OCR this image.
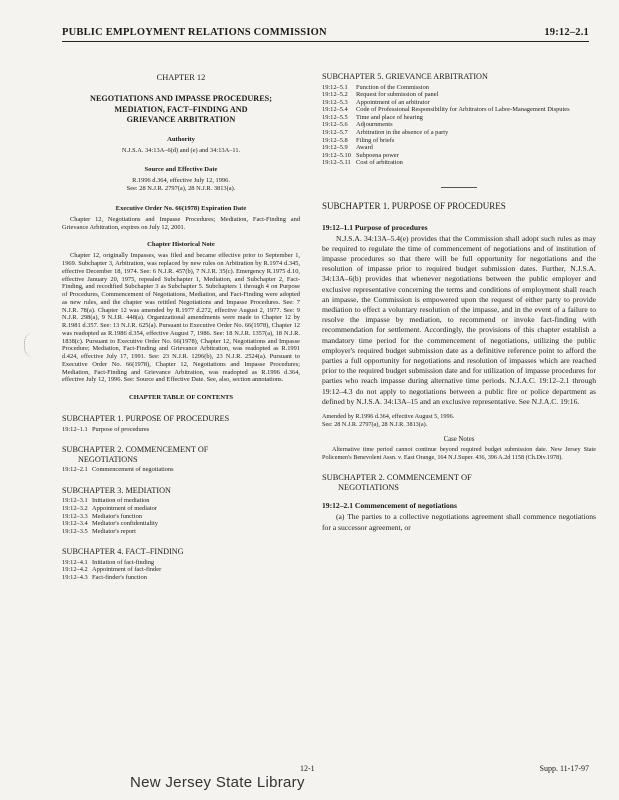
PUBLIC EMPLOYMENT RELATIONS COMMISSION	19:12–2.1
CHAPTER 12
NEGOTIATIONS AND IMPASSE PROCEDURES;
MEDIATION, FACT–FINDING AND
GRIEVANCE ARBITRATION
Authority
N.J.S.A. 34:13A–6(d) and (e) and 34:13A–11.
Source and Effective Date
R.1996 d.364, effective July 12, 1996.
See: 28 N.J.R. 2797(a), 28 N.J.R. 3813(a).
Executive Order No. 66(1978) Expiration Date
Chapter 12, Negotiations and Impasse Procedures; Mediation, Fact-Finding and Grievance Arbitration, expires on July 12, 2001.
Chapter Historical Note
Chapter 12, originally Impasses, was filed and became effective prior to September 1, 1969. Subchapter 3, Arbitration, was replaced by new rules on Arbitration by R.1974 d.345, effective December 18, 1974. See: 6 N.J.R. 457(b), 7 N.J.R. 35(c). Emergency R.1975 d.10, effective January 20, 1975, repealed Subchapter 1, Mediation, and Subchapter 2, Fact-Finding, and recodified Subchapter 3 as Subchapter 5. Subchapters 1 through 4 on Purpose of Procedures, Commencement of Negotiations, Mediation, and Fact-Finding were adopted as new rules, and the chapter was retitled Negotiations and Impasse Procedures. See: 7 N.J.R. 78(a). Chapter 12 was amended by R.1977 d.272, effective August 2, 1977. See: 9 N.J.R. 298(a), 9 N.J.R. 448(a). Organizational amendments were made to Chapter 12 by R.1981 d.357. See: 13 N.J.R. 625(a). Pursuant to Executive Order No. 66(1978), Chapter 12 was readopted as R.1986 d.354, effective August 7, 1986. See: 18 N.J.R. 1357(a), 18 N.J.R. 1838(c). Pursuant to Executive Order No. 66(1978), Chapter 12, Negotiations and Impasse Procedure; Mediation, Fact-Finding and Grievance Arbitration, was readopted as R.1991 d.424, effective July 17, 1991. See: 23 N.J.R. 1296(b), 23 N.J.R. 2524(a). Pursuant to Executive Order No. 66(1978), Chapter 12, Negotiations and Impasse Procedures; Mediation, Fact-Finding and Grievance Arbitration, was readopted as R.1996 d.364, effective July 12, 1996. See: Source and Effective Date. See, also, section annotations.
CHAPTER TABLE OF CONTENTS
SUBCHAPTER 1. PURPOSE OF PROCEDURES
19:12–1.1 Purpose of procedures
SUBCHAPTER 2. COMMENCEMENT OF
NEGOTIATIONS
19:12–2.1 Commencement of negotiations
SUBCHAPTER 3. MEDIATION
19:12–3.1 Initiation of mediation
19:12–3.2 Appointment of mediator
19:12–3.3 Mediator's function
19:12–3.4 Mediator's confidentiality
19:12–3.5 Mediator's report
SUBCHAPTER 4. FACT–FINDING
19:12–4.1 Initiation of fact-finding
19:12–4.2 Appointment of fact-finder
19:12–4.3 Fact-finder's function
SUBCHAPTER 5. GRIEVANCE ARBITRATION
19:12–5.1	Function of the Commission
19:12–5.2	Request for submission of panel
19:12–5.3	Appointment of an arbitrator
19:12–5.4	Code of Professional Responsibility for Arbitrators of Labor-Management Disputes
19:12–5.5	Time and place of hearing
19:12–5.6	Adjournments
19:12–5.7	Arbitration in the absence of a party
19:12–5.8	Filing of briefs
19:12–5.9	Award
19:12–5.10 Subpoena power
19:12–5.11 Cost of arbitration
SUBCHAPTER 1. PURPOSE OF PROCEDURES
19:12–1.1 Purpose of procedures
N.J.S.A. 34:13A–5.4(e) provides that the Commission shall adopt such rules as may be required to regulate the time of commencement of negotiations and of institution of impasse procedures so that there will be full opportunity for negotiations and the resolution of impasse prior to required budget submission dates. Further, N.J.S.A. 34:13A–6(b) provides that whenever negotiations between the public employer and exclusive representative concerning the terms and conditions of employment shall reach an impasse, the Commission is empowered upon the request of either party to provide mediation to effect a voluntary resolution of the impasse, and in the event of a failure to resolve the impasse by mediation, to recommend or invoke fact-finding with recommendation for settlement. Accordingly, the provisions of this chapter establish a mandatory time period for the commencement of negotiations, utilizing the public employer's required budget submission date as a definitive reference point to afford the parties a full opportunity for negotiations and resolution of impasses which are reached prior to the required budget submission date and for utilization of impasse procedures for parties who reach impasse during alternative time periods. N.J.A.C. 19:12–2.1 through 19:12–4.3 do not apply to negotiations between a public fire or police department as defined by N.J.S.A. 34:13A–15 and an exclusive representative. See N.J.A.C. 19:16.
Amended by R.1996 d.364, effective August 5, 1996.
See: 28 N.J.R. 2797(a), 28 N.J.R. 3813(a).
Case Notes
Alternative time period cannot continue beyond required budget submission date. New Jersey State Policemen's Benevolent Assn. v. East Orange, 164 N.J.Super. 436, 396 A.2d 1158 (Ch.Div.1978).
SUBCHAPTER 2. COMMENCEMENT OF
NEGOTIATIONS
19:12–2.1 Commencement of negotiations
(a) The parties to a collective negotiations agreement shall commence negotiations for a successor agreement, or
12-1	Supp. 11-17-97
New Jersey State Library
